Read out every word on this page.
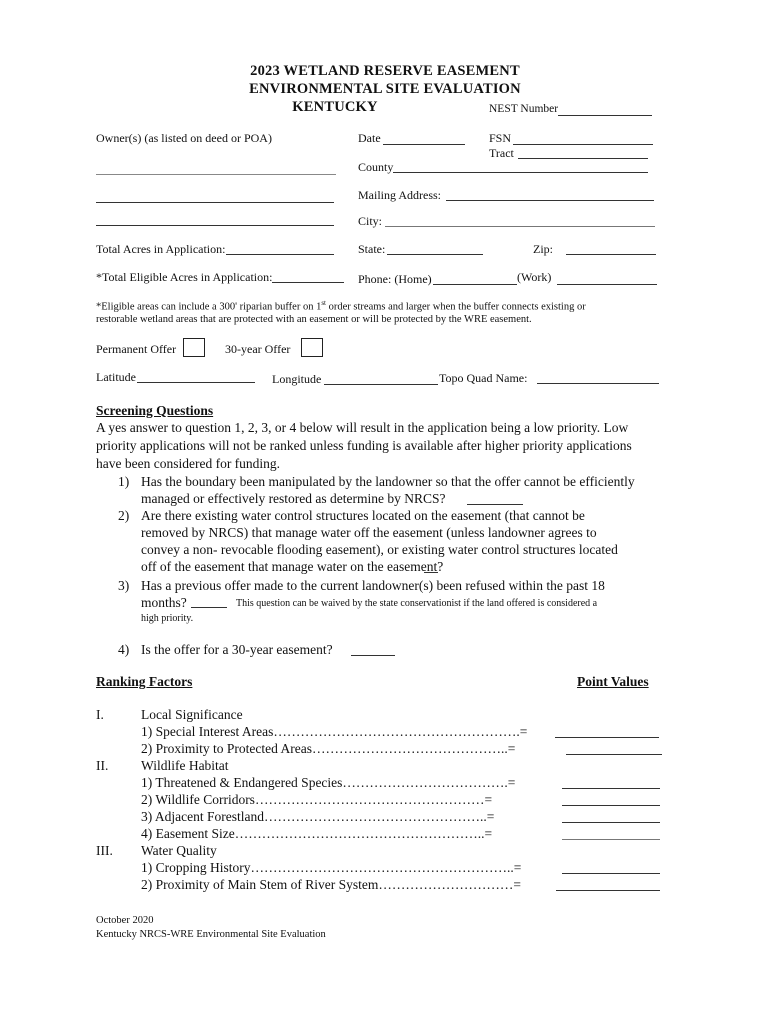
2023 WETLAND RESERVE EASEMENT
ENVIRONMENTAL SITE EVALUATION
KENTUCKY	NEST Number
Owner(s) (as listed on deed or POA)	Date	FSN
Tract
County
Mailing Address:
City:
Total Acres in Application:	State:	Zip:
*Total Eligible Acres in Application:	Phone: (Home)	(Work)
*Eligible areas can include a 300' riparian buffer on 1st order streams and larger when the buffer connects existing or
restorable wetland areas that are protected with an easement or will be protected by the WRE easement.
Permanent Offer	30-year Offer
Latitude	Longitude	Topo Quad Name:
Screening Questions
A yes answer to question 1, 2, 3, or 4 below will result in the application being a low priority. Low
priority applications will not be ranked unless funding is available after higher priority applications
have been considered for funding.
1) Has the boundary been manipulated by the landowner so that the offer cannot be efficiently
managed or effectively restored as determine by NRCS?
2) Are there existing water control structures located on the easement (that cannot be
removed by NRCS) that manage water off the easement (unless landowner agrees to
convey a non- revocable flooding easement), or existing water control structures located
off of the easement that manage water on the easement?
3) Has a previous offer made to the current landowner(s) been refused within the past 18
months?	This question can be waived by the state conservationist if the land offered is considered a
high priority.
4) Is the offer for a 30-year easement?
Ranking Factors	Point Values
I.	Local Significance
1) Special Interest Areas……………………………………………….=
2) Proximity to Protected Areas……………………………………..=
II. Wildlife Habitat
1) Threatened & Endangered Species……………………………….=
2) Wildlife Corridors……………………………………………=
3) Adjacent Forestland…………………………………………..=
4) Easement Size………………………………………………..=
III. Water Quality
1) Cropping History…………………………………………………..=
2) Proximity of Main Stem of River System…………………………=
October 2020
Kentucky NRCS-WRE Environmental Site Evaluation
